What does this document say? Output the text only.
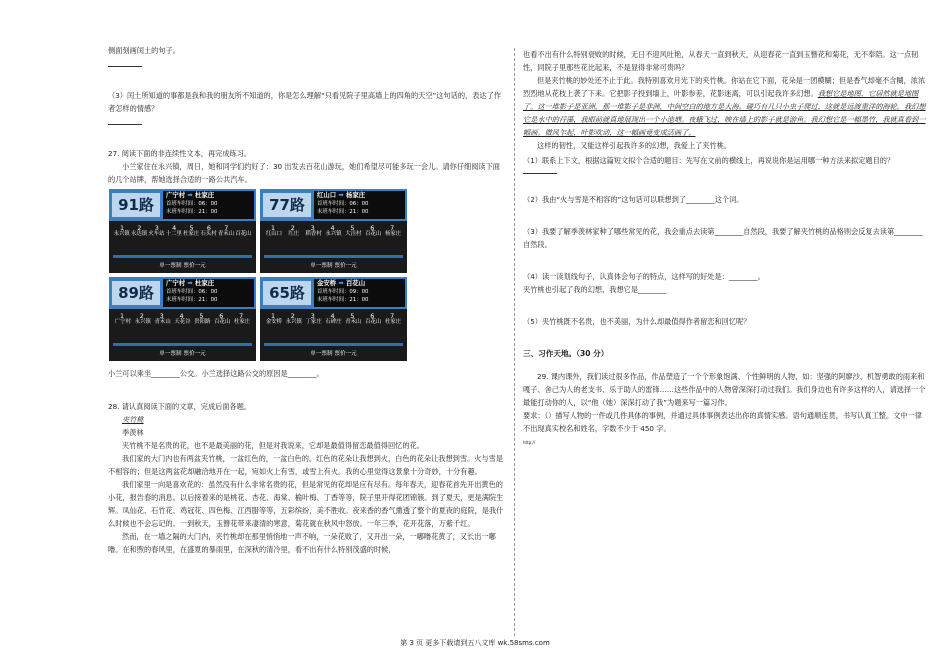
侧面刻画闰土的句子。

（3）闰土所知道的事都是我和我的朋友所不知道的，你是怎么理解“只看见院子里高墙上的四角的天空”这句话的，表达了作者怎样的情感？

27. 阅读下面的非连续性文本，再完成练习。

小兰家住在永兴镇，周日，她和同学们约好了：30 出发去百花山游玩，她们希望尽可能多玩一会儿。请你仔细阅读下面的几个站牌，帮她选择合适的一路公共汽车。

91路
广宁村 ➡ 杜家庄
首班车时间：06：00
末班车时间：21：00
1	2	3	4	5	6	7
永兴镇 永达镇 火车站 十二里 杜家庄 石头村 青禾山 百花山
单一票制 票价一元
77路
红山口 ➡ 杨家庄
首班车时间：06：00
末班车时间：21：00
1	2	3	4	5	6	7
红山口	红庄	稻香村 永兴镇 大洼村 百花山 杨家庄
单一票制 票价一元
89路
广宁村 ➡ 杜家庄
首班车时间：06：00
末班车时间：21：00
1	2	3	4	5	6	7
广宁村 永兴镇 青禾山 天花谷 贵阳路 百花山 杜家庄
单一票制 票价一元
65路
金安桥 ➡ 百花山
首班车时间：09：00
末班车时间：21：00
1	2	3	4	5	6	7
金安桥 永兴镇 丁家庄 石碑庄 青禾山 百花山 杜家庄
单一票制 票价一元

小兰可以乘坐________公交。小兰选择这路公交的原因是________。

28. 请认真阅读下面的文章，完成后面各题。

夹竹桃

季羡林

夹竹桃不是名贵的花，也不是最美丽的花，但是对我说来，它却是最值得留恋最值得回忆的花。

我们家的大门内也有两盆夹竹桃，一盆红色的，一盆白色的。红色的花朵让我想到火，白色的花朵让我想到雪。火与雪是不相容的；但是这两盆花却融洽地开在一起，宛如火上有雪，或雪上有火。我的心里觉得这景象十分奇妙，十分有趣。

我们家里一向是喜欢花的：虽然没有什么非常名贵的花，但是常见的花却是应有尽有。每年春天，迎春花首先开出黄色的小花，报告春的消息。以后接着来的是桃花、杏花、海棠、榆叶梅、丁香等等，院子里开得花团锦簇。到了夏天，更是满院生辉。凤仙花、石竹花、鸡冠花、四色梅、江西腊等等，五彩缤纷，美不胜收。夜来香的香气熏透了整个的夏夜的庭院，是我什么时候也不会忘记的。一到秋天，玉簪花带来凄清的寒意，菊花就在秋风中怒放。一年三季，花开花落，万紫千红。

然而，在一墙之隔的大门内，夹竹桃却在那里悄悄地一声不响，一朵花败了，又开出一朵，一嘟噜花黄了，又长出一嘟噜。在和煦的春风里，在盛夏的暴雨里，在深秋的清冷里，看不出有什么特别茂盛的时候，

也看不出有什么特别衰败的时候，无日不迎风吐艳，从春天一直到秋天，从迎春花一直到玉簪花和菊花，无不奉陪。这一点韧性，同院子里那些花比起来，不是显得非常可贵吗？

但是夹竹桃的妙处还不止于此。我特别喜欢月光下的夹竹桃。你站在它下面，花朵是一团模糊；但是香气却毫不含糊，浓浓烈烈地从花枝上袭了下来。它把影子投到墙上，叶影参差，花影迷离，可以引起我许多幻想。我想它是地图，它居然就是地图了。这一堆影子是亚洲，那一堆影子是非洲，中间空白的地方是大海。碰巧有几只小虫子爬过，这就是远渡重洋的海轮。我幻想它是水中的荇藻，我眼前就真地展现出一个小池塘。夜蛾飞过，映在墙上的影子就是游鱼。我幻想它是一幅墨竹，我就真看到一幅画。微风乍起，叶影吹动，这一幅画竟变成活画了。

这样的韧性，又能这样引起我许多的幻想，我爱上了夹竹桃。

（1）联系上下文，根据这篇短文拟个合适的题目：先写在文前的横线上，再说说你是运用哪一种方法来拟定题目的？

（2）我由“火与雪是不相容的”这句话可以联想到了________这个词。

（3）我要了解季羡林家种了哪些常见的花，我会重点去读第________自然段，我要了解夹竹桃的品格则会反复去读第________自然段。

（4）读一读划线句子，认真体会句子的特点，这样写的好处是：________。

夹竹桃也引起了我的幻想，我想它是________

（5）夹竹桃既不名贵，也不美丽，为什么却最值得作者留恋和回忆呢？

三、习作天地。（30 分）

29. 课内课外，我们读过很多作品，作品塑造了一个个形象饱满、个性鲜明的人物，如：坚强的阿廖沙、机智勇敢的雨来和嘎子、舍己为人的老支书、乐于助人的雷锋……这些作品中的人物曾深深打动过我们。我们身边也有许多这样的人，请选择一个最能打动你的人，以“他（她）深深打动了我”为题来写一篇习作。

要求：（）描写人物的一件或几件具体的事例，并通过具体事例表达出你的真情实感。语句通顺连贯，书写认真工整。文中一律不出现真实校名和姓名，字数不少于 450 字。

http://

第 3 页 更多下载请到五八文库 wk.58sms.com
